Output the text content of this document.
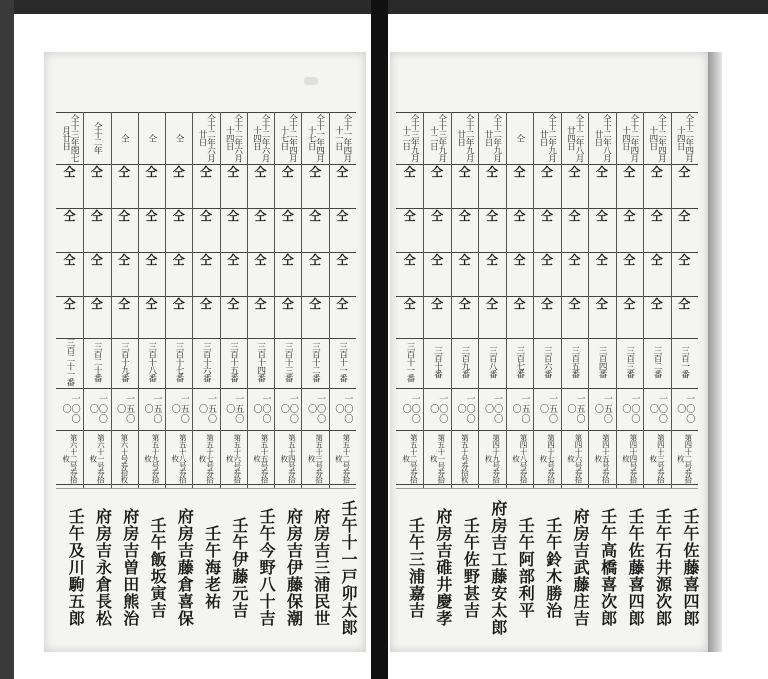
仝十一年四月十一日
仝
仝
仝
仝
三百十一番
一〇〇〇
第五十二号券拾枚
壬午十一戸卯太郎
仝十一年四月十七日
仝
仝
仝
仝
三百十二番
一〇〇〇
第五十三号券拾枚
府房吉三浦民世
仝十二年四月十七日
仝
仝
仝
仝
三百十三番
一〇〇〇
第五十四号券拾枚
府房吉伊藤保潮
仝十二年六月十四日
仝
仝
仝
仝
三百十四番
一〇〇〇
第五十五号券拾枚
壬午今野八十吉
仝十二年六月十四日
仝
仝
仝
仝
三百十五番
一五〇〇
第五十六号券拾枚
壬午伊藤元吉
仝十二年六月廿日
仝
仝
仝
仝
三百十六番
一五〇〇
第五十七号券拾枚
壬午海老祐
仝
仝
仝
仝
仝
三百十七番
一五〇〇
第五十八号券拾枚
府房吉藤倉喜保
仝
仝
仝
仝
仝
三百十八番
一五〇〇
第五十九号券拾枚
壬午飯坂寅吉
仝
仝
仝
仝
仝
三百十九番
一五〇〇
第六十号券拾枚
府房吉曽田熊治
仝十二年
仝
仝
仝
仝
三百二十番
一〇〇〇
第六十一号券拾枚
府房吉永倉長松
仝十三年閏七月廿日
仝
仝
仝
仝
三百二十一番
一〇〇〇
第六十二号券拾枚
壬午及川駒五郎
仝十二年四月十四日
仝
仝
仝
仝
三百一番
一〇〇〇
第四十二号券拾枚
壬午佐藤喜四郎
仝十二年四月十四日
仝
仝
仝
仝
三百二番
一〇〇〇
第四十三号券拾枚
壬午石井源次郎
仝十二年四月十四日
仝
仝
仝
仝
三百三番
一〇〇〇
第四十四号券拾枚
壬午佐藤喜四郎
仝十二年八月廿日
仝
仝
仝
仝
三百四番
一五〇〇
第四十五号券拾枚
壬午高橋喜次郎
仝十二年八月廿四日
仝
仝
仝
仝
三百五番
一五〇〇
第四十六号券拾枚
府房吉武藤庄吉
仝十二年九月廿日
仝
仝
仝
仝
三百六番
一五〇〇
第四十七号券拾枚
壬午鈴木勝治
仝
仝
仝
仝
仝
三百七番
一五〇〇
第四十八号券拾枚
壬午阿部利平
仝十二年九月廿日
仝
仝
仝
仝
三百八番
一〇〇〇
第四十九号券拾枚
府房吉工藤安太郎
仝十二年九月廿日
仝
仝
仝
仝
三百九番
一〇〇〇
第五十号券拾枚
壬午佐野甚吉
仝十三年九月十二日
仝
仝
仝
仝
三百十番
一〇〇〇
第五十一号券拾枚
府房吉碓井慶孝
仝十三年九月十二日
仝
仝
仝
仝
三百十一番
一〇〇〇
第五十二号券拾枚
壬午三浦嘉吉
